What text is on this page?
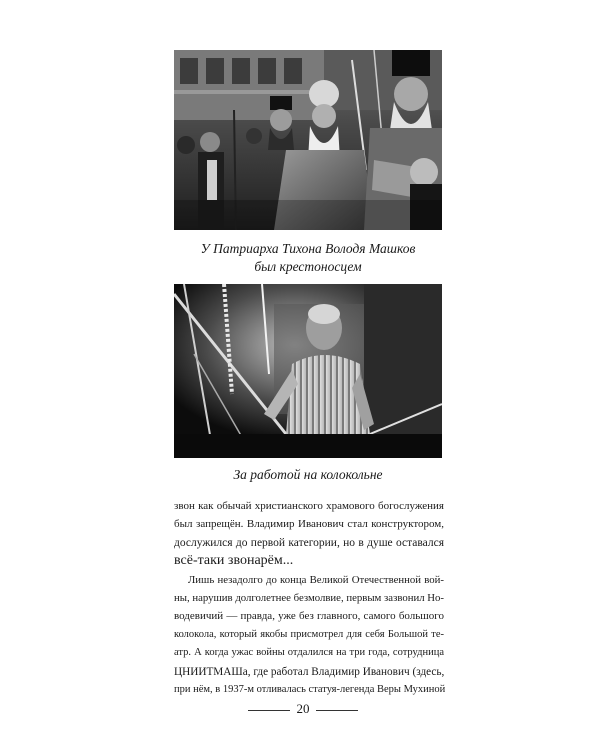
У Патриарха Тихона Володя Машков
был крестоносцем
За работой на колокольне
звон как обычай христианского храмового богослужения
был запрещён. Владимир Иванович стал конструктором,
дослужился до первой категории, но в душе оставался
всё-таки звонарём...
Лишь незадолго до конца Великой Отечественной вой-
ны, нарушив долголетнее безмолвие, первым зазвонил Но-
водевичий — правда, уже без главного, самого большого
колокола, который якобы присмотрел для себя Большой те-
атр. А когда ужас войны отдалился на три года, сотрудница
ЦНИИТМАШа, где работал Владимир Иванович (здесь,
при нём, в 1937-м отливалась статуя-легенда Веры Мухиной
20
